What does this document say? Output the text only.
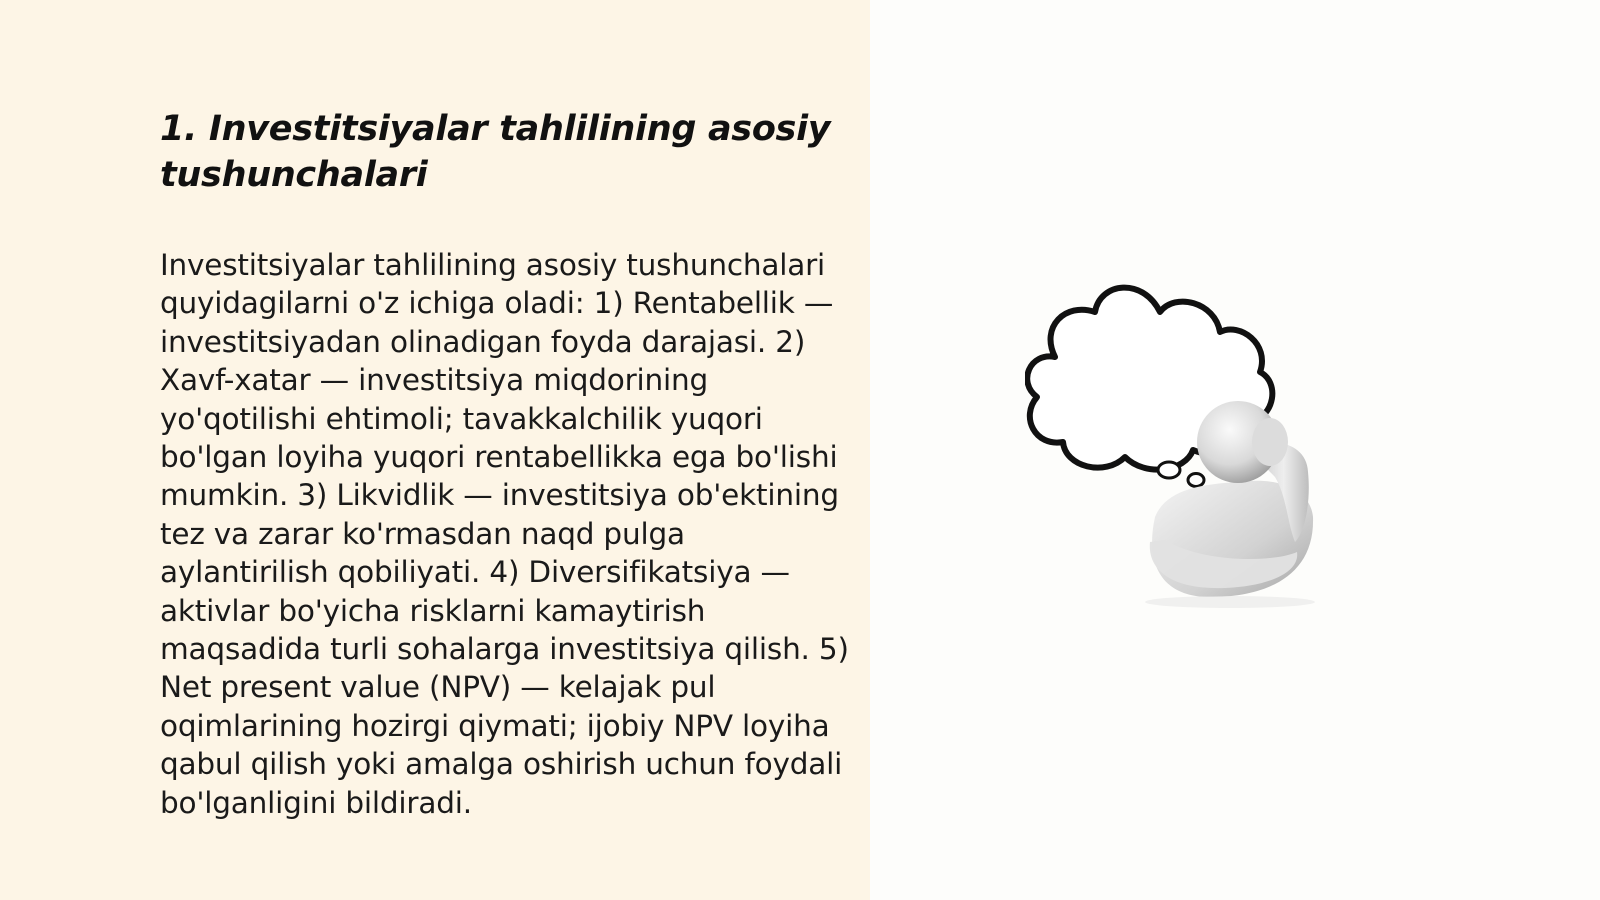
1. Investitsiyalar tahlilining asosiy tushunchalari

Investitsiyalar tahlilining asosiy tushunchalari quyidagilarni o'z ichiga oladi: 1) Rentabellik — investitsiyadan olinadigan foyda darajasi. 2) Xavf-xatar — investitsiya miqdorining yo'qotilishi ehtimoli; tavakkalchilik yuqori bo'lgan loyiha yuqori rentabellikka ega bo'lishi mumkin. 3) Likvidlik — investitsiya ob'ektining tez va zarar ko'rmasdan naqd pulga aylantirilish qobiliyati. 4) Diversifikatsiya — aktivlar bo'yicha risklarni kamaytirish maqsadida turli sohalarga investitsiya qilish. 5) Net present value (NPV) — kelajak pul oqimlarining hozirgi qiymati; ijobiy NPV loyiha qabul qilish yoki amalga oshirish uchun foydali bo'lganligini bildiradi.
